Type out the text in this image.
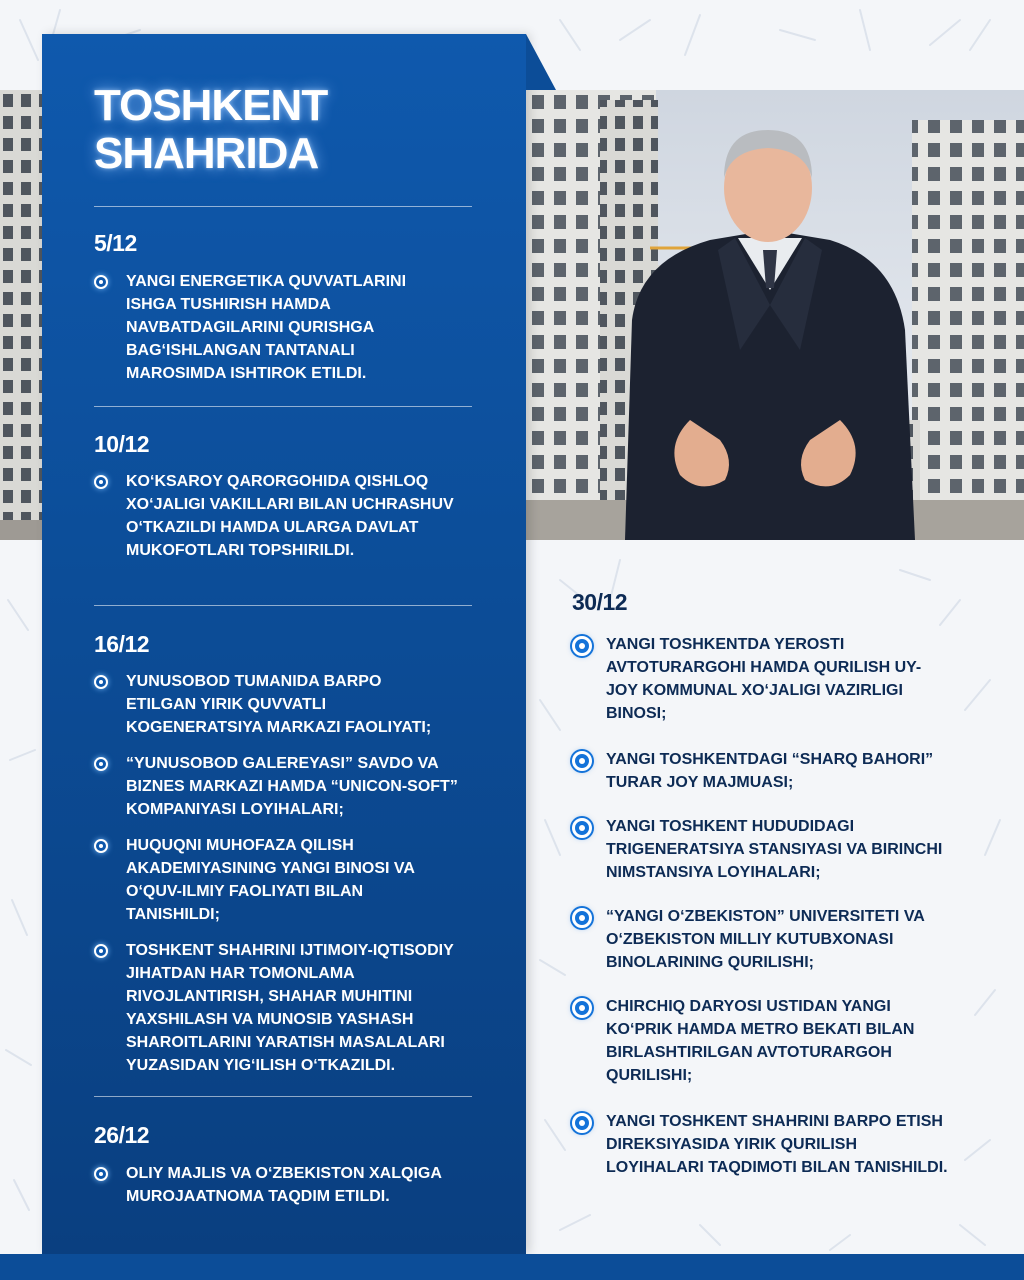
TOSHKENT
SHAHRIDA
5/12

YANGI ENERGETIKA QUVVATLARINI ISHGA TUSHIRISH HAMDA NAVBATDAGILARINI QURISHGA BAG‘ISHLANGAN TANTANALI MAROSIMDA ISHTIROK ETILDI.

10/12

KO‘KSAROY QARORGOHIDA QISHLOQ XO‘JALIGI VAKILLARI BILAN UCHRASHUV O‘TKAZILDI HAMDA ULARGA DAVLAT MUKOFOTLARI TOPSHIRILDI.

16/12

YUNUSOBOD TUMANIDA BARPO ETILGAN YIRIK QUVVATLI KOGENERATSIYA MARKAZI FAOLIYATI;

“YUNUSOBOD GALEREYASI” SAVDO VA BIZNES MARKAZI HAMDA “UNICON-SOFT” KOMPANIYASI LOYIHALARI;

HUQUQNI MUHOFAZA QILISH AKADEMIYASINING YANGI BINOSI VA O‘QUV-ILMIY FAOLIYATI BILAN TANISHILDI;

TOSHKENT SHAHRINI IJTIMOIY-IQTISODIY JIHATDAN HAR TOMONLAMA RIVOJLANTIRISH, SHAHAR MUHITINI YAXSHILASH VA MUNOSIB YASHASH SHAROITLARINI YARATISH MASALALARI YUZASIDAN YIG‘ILISH O‘TKAZILDI.

26/12

OLIY MAJLIS VA O‘ZBEKISTON XALQIGA MUROJAATNOMA TAQDIM ETILDI.

30/12

YANGI TOSHKENTDA YEROSTI AVTOTURARGOHI HAMDA QURILISH UY-JOY KOMMUNAL XO‘JALIGI VAZIRLIGI BINOSI;

YANGI TOSHKENTDAGI “SHARQ BAHORI” TURAR JOY MAJMUASI;

YANGI TOSHKENT HUDUDIDAGI TRIGENERATSIYA STANSIYASI VA BIRINCHI NIMSTANSIYA LOYIHALARI;

“YANGI O‘ZBEKISTON” UNIVERSITETI VA O‘ZBEKISTON MILLIY KUTUBXONASI BINOLARINING QURILISHI;

CHIRCHIQ DARYOSI USTIDAN YANGI KO‘PRIK HAMDA METRO BEKATI BILAN BIRLASHTIRILGAN AVTOTURARGOH QURILISHI;

YANGI TOSHKENT SHAHRINI BARPO ETISH DIREKSIYASIDA YIRIK QURILISH LOYIHALARI TAQDIMOTI BILAN TANISHILDI.
